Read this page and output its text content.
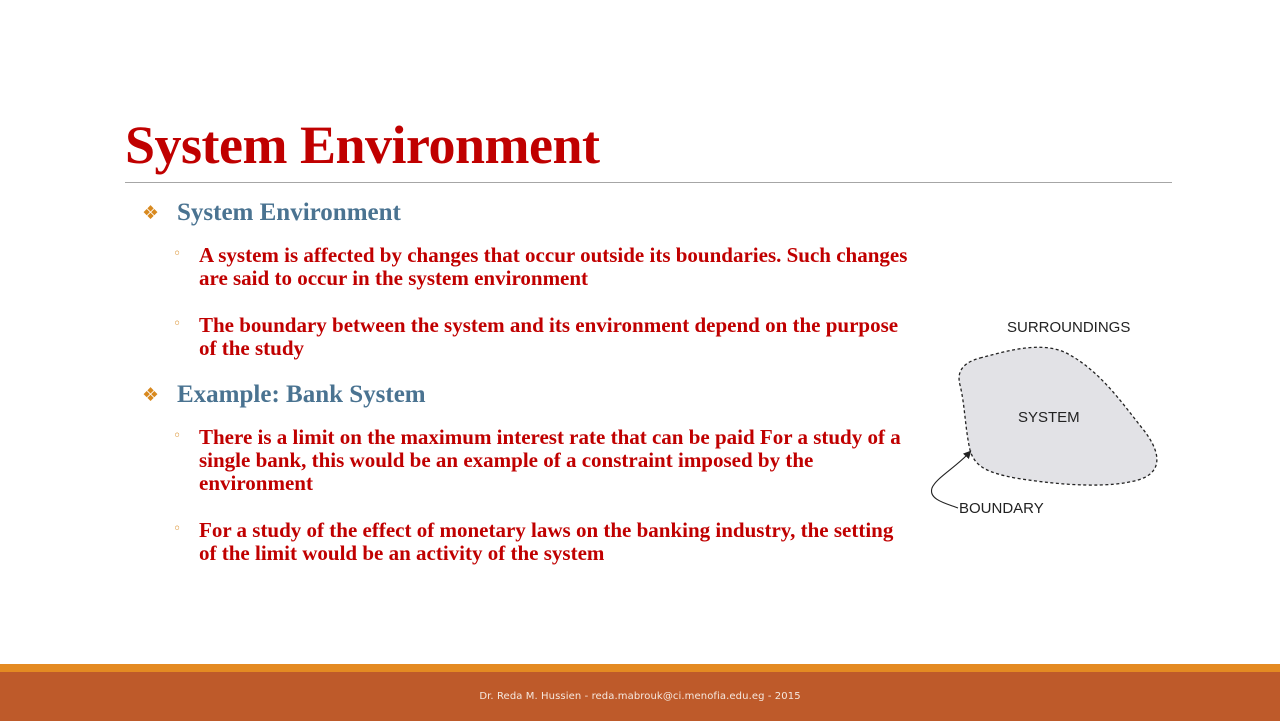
System Environment
❖ System Environment
◦ A system is affected by changes that occur outside its boundaries. Such changes are said to occur in the system environment
◦ The boundary between the system and its environment depend on the purpose of the study
❖ Example: Bank System
◦ There is a limit on the maximum interest rate that can be paid For a study of a single bank, this would be an example of a constraint imposed by the environment
◦ For a study of the effect of monetary laws on the banking industry, the setting of the limit would be an activity of the system
SURROUNDINGS
SYSTEM
BOUNDARY
Dr. Reda M. Hussien - reda.mabrouk@ci.menofia.edu.eg - 2015
